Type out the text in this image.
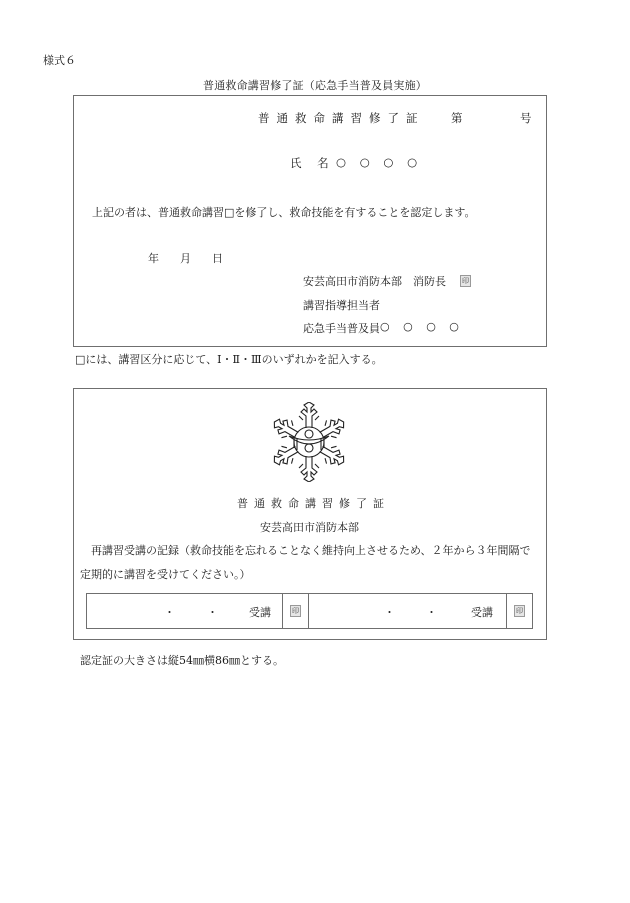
様式６
普通救命講習修了証（応急手当普及員実施）
普通救命講習修了証 第	号
氏 名 ○ ○ ○ ○
上記の者は、普通救命講習□を修了し、救命技能を有することを認定します。
年 月 日
安芸高田市消防本部　消防長 印
講習指導担当者
応急手当普及員 ○ ○ ○ ○
□には、講習区分に応じて、Ⅰ・Ⅱ・Ⅲのいずれかを記入する。
普通救命講習修了証
安芸高田市消防本部
　再講習受講の記録（救命技能を忘れることなく維持向上させるため、２年から３年間隔で
定期的に講習を受けてください。）
・	・	受講	印	・	・	受講	印
認定証の大きさは縦54㎜横86㎜とする。
